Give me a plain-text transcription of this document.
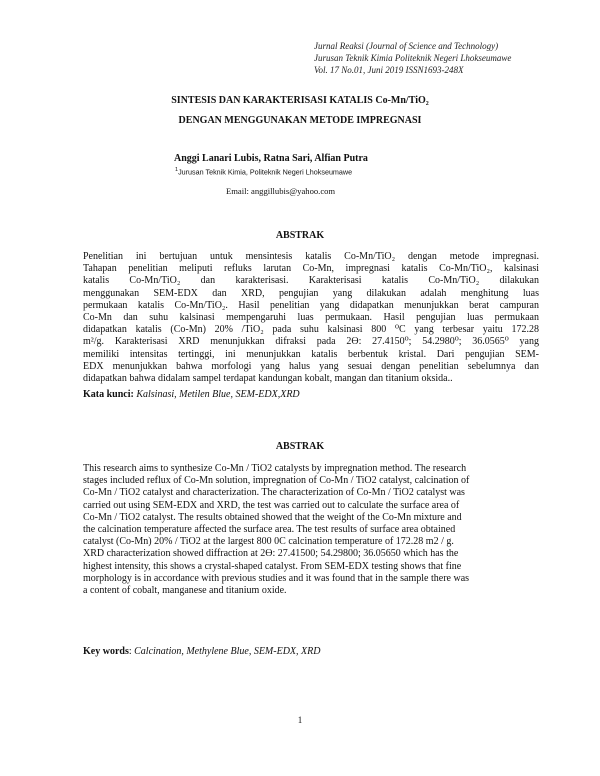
Jurnal Reaksi (Journal of Science and Technology)
Jurusan Teknik Kimia Politeknik Negeri Lhokseumawe
Vol. 17 No.01, Juni 2019 ISSN1693-248X
SINTESIS DAN KARAKTERISASI KATALIS Co-Mn/TiO₂
DENGAN MENGGUNAKAN METODE IMPREGNASI
Anggi Lanari Lubis, Ratna Sari, Alfian Putra
$^1$Jurusan Teknik Kimia, Politeknik Negeri Lhokseumawe
Email: anggillubis@yahoo.com
ABSTRAK
Penelitian ini bertujuan untuk mensintesis katalis Co-Mn/TiO₂ dengan metode impregnasi.
Tahapan penelitian meliputi refluks larutan Co-Mn, impregnasi katalis Co-Mn/TiO₂, kalsinasi
katalis Co-Mn/TiO₂ dan karakterisasi. Karakterisasi katalis Co-Mn/TiO₂ dilakukan
menggunakan SEM-EDX dan XRD, pengujian yang dilakukan adalah menghitung luas
permukaan katalis Co-Mn/TiO₂. Hasil penelitian yang didapatkan menunjukkan berat campuran
Co-Mn dan suhu kalsinasi mempengaruhi luas permukaan. Hasil pengujian luas permukaan
didapatkan katalis (Co-Mn) 20% /TiO₂ pada suhu kalsinasi 800 ⁰C yang terbesar yaitu 172.28
m²/g. Karakterisasi XRD menunjukkan difraksi pada 2Ɵ: 27.4150⁰; 54.2980⁰; 36.0565⁰ yang
memiliki intensitas tertinggi, ini menunjukkan katalis berbentuk kristal. Dari pengujian SEM-
EDX menunjukkan bahwa morfologi yang halus yang sesuai dengan penelitian sebelumnya dan
didapatkan bahwa didalam sampel terdapat kandungan kobalt, mangan dan titanium oksida..
Kata kunci: Kalsinasi, Metilen Blue, SEM-EDX,XRD
ABSTRAK
This research aims to synthesize Co-Mn / TiO2 catalysts by impregnation method. The research
stages included reflux of Co-Mn solution, impregnation of Co-Mn / TiO2 catalyst, calcination of
Co-Mn / TiO2 catalyst and characterization. The characterization of Co-Mn / TiO2 catalyst was
carried out using SEM-EDX and XRD, the test was carried out to calculate the surface area of
Co-Mn / TiO2 catalyst. The results obtained showed that the weight of the Co-Mn mixture and
the calcination temperature affected the surface area. The test results of surface area obtained
catalyst (Co-Mn) 20% / TiO2 at the largest 800 0C calcination temperature of 172.28 m2 / g.
XRD characterization showed diffraction at 2Ɵ: 27.41500; 54.29800; 36.05650 which has the
highest intensity, this shows a crystal-shaped catalyst. From SEM-EDX testing shows that fine
morphology is in accordance with previous studies and it was found that in the sample there was
a content of cobalt, manganese and titanium oxide.
Key words: Calcination, Methylene Blue, SEM-EDX, XRD
1
